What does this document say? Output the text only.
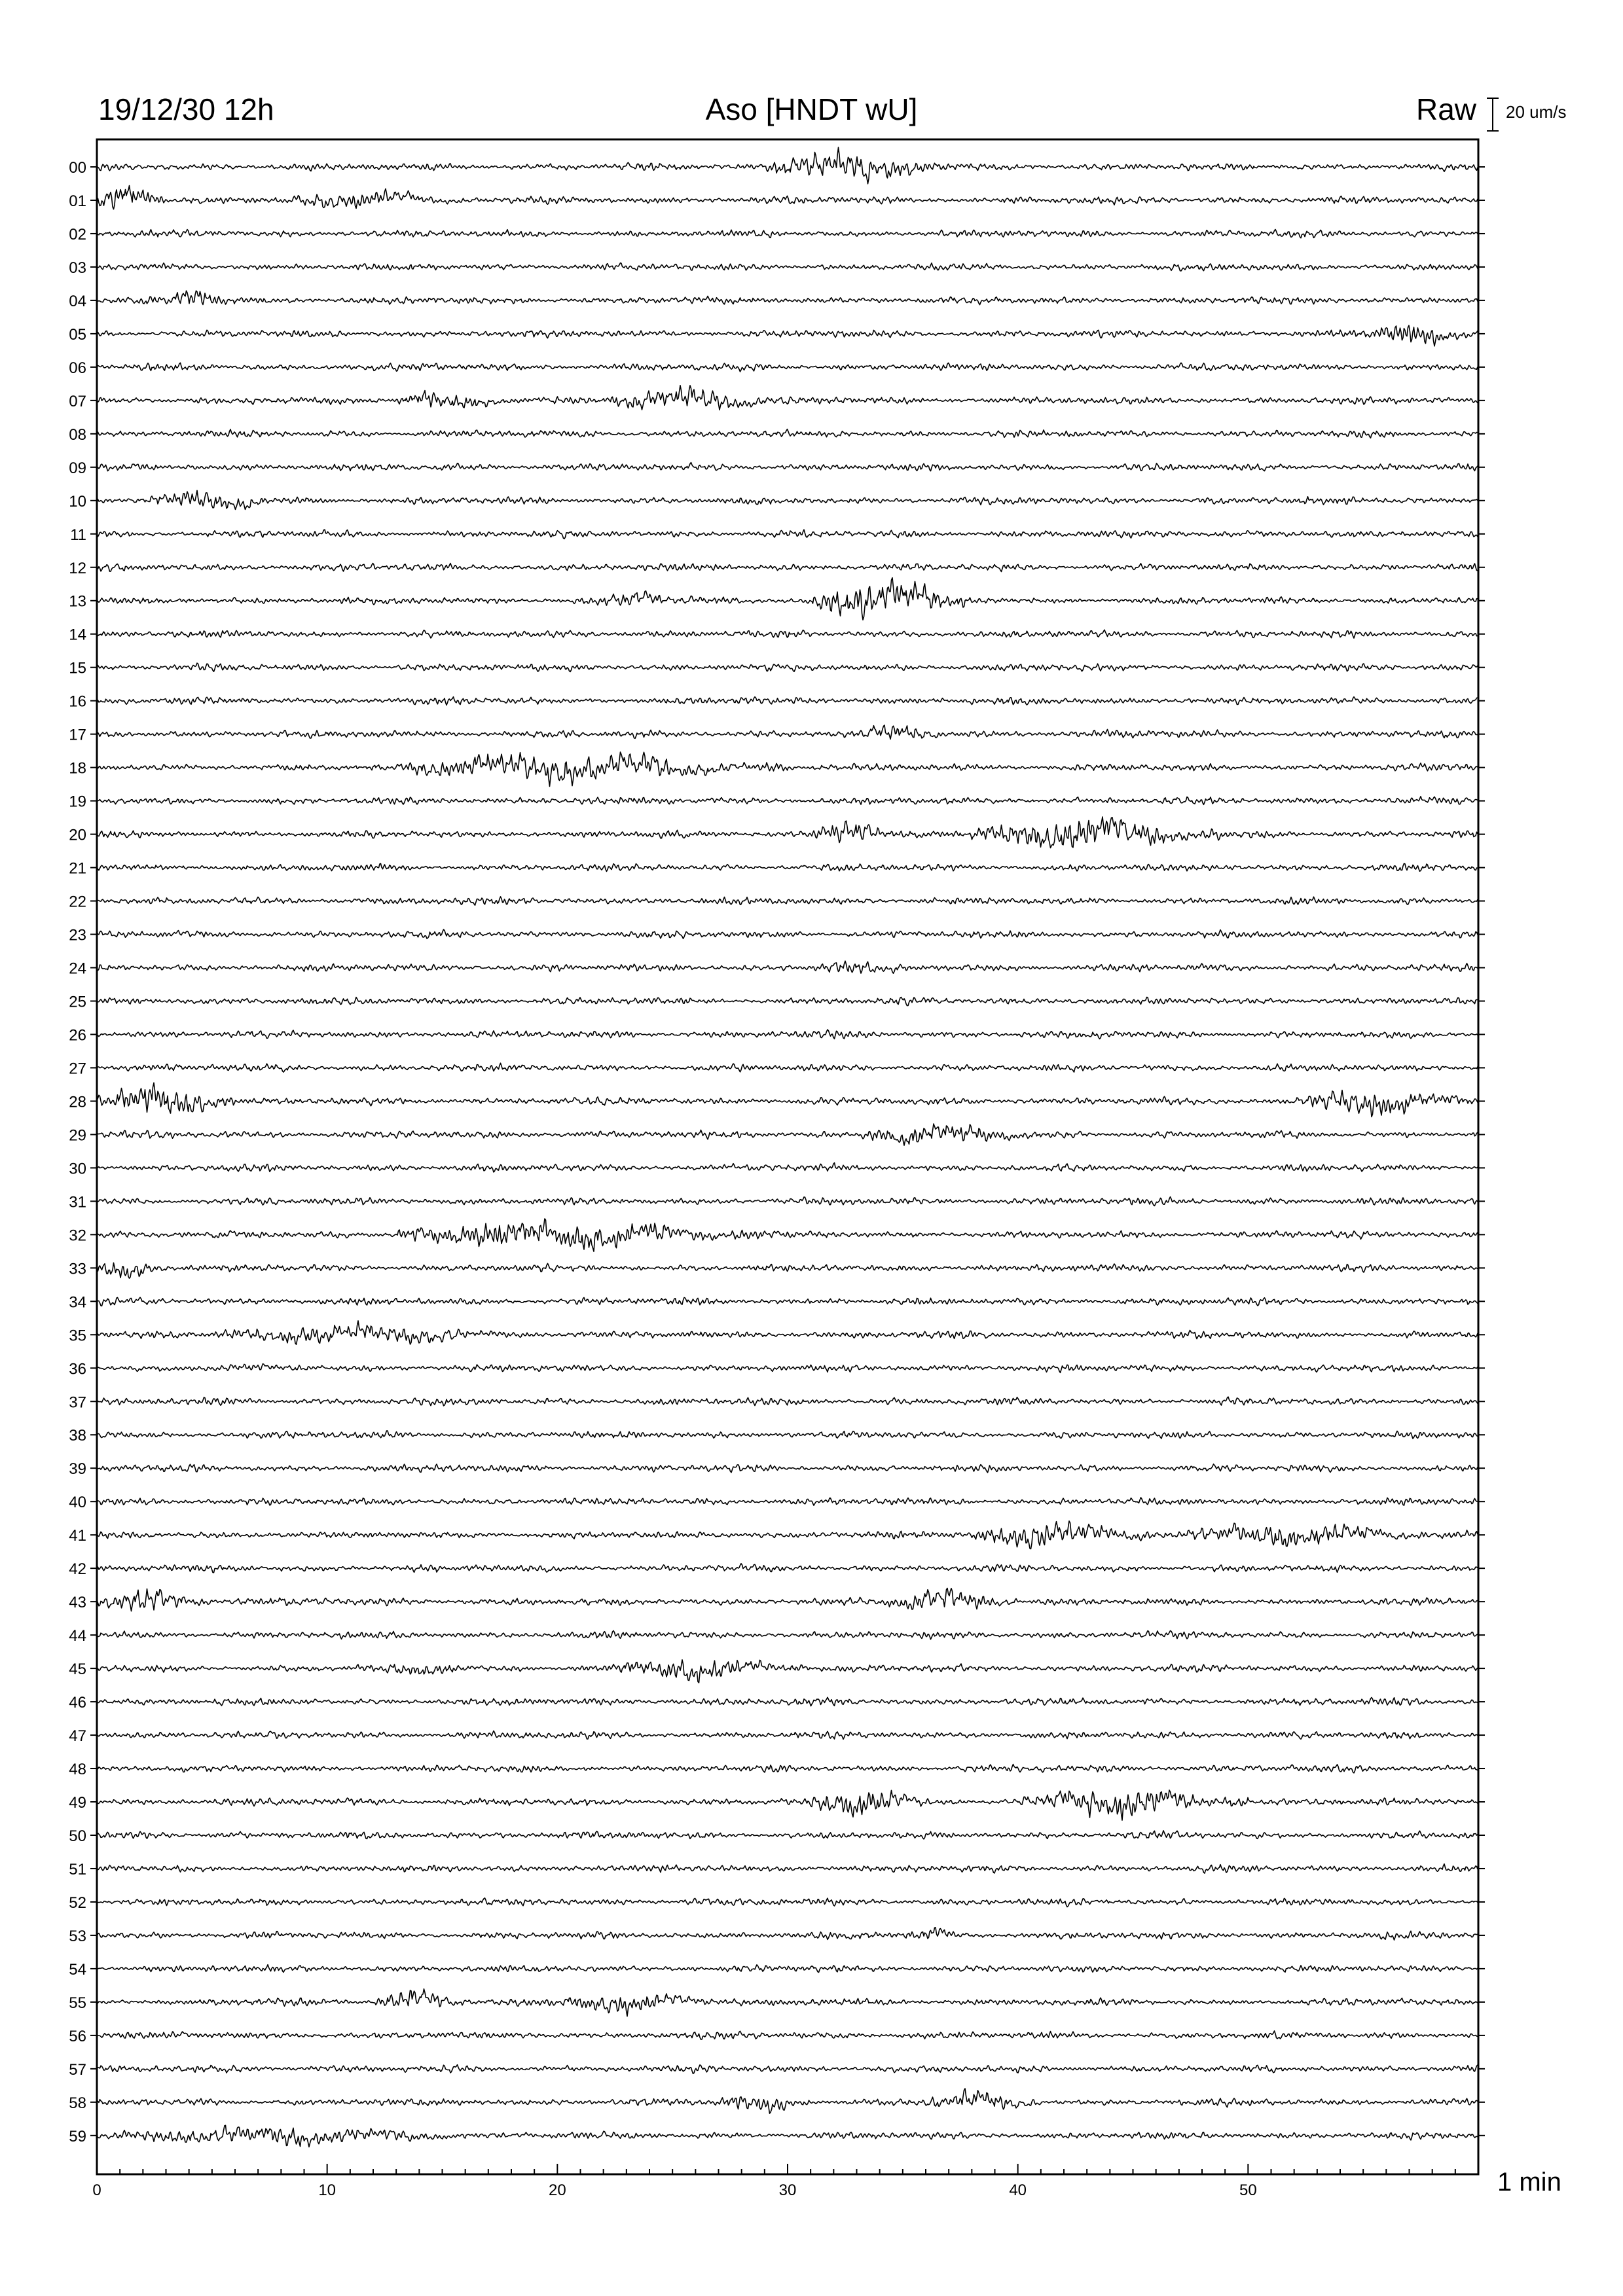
19/12/30 12h	Aso [HNDT wU]	Raw 20 um/s
1 min
00
01
02
03
04
05
06
07
08
09
10
11
12
13
14
15
16
17
18
19
20
21
22
23
24
25
26
27
28
29
30
31
32
33
34
35
36
37
38
39
40
41
42
43
44
45
46
47
48
49
50
51
52
53
54
55
56
57
58
59
0	10	20	30	40	50
